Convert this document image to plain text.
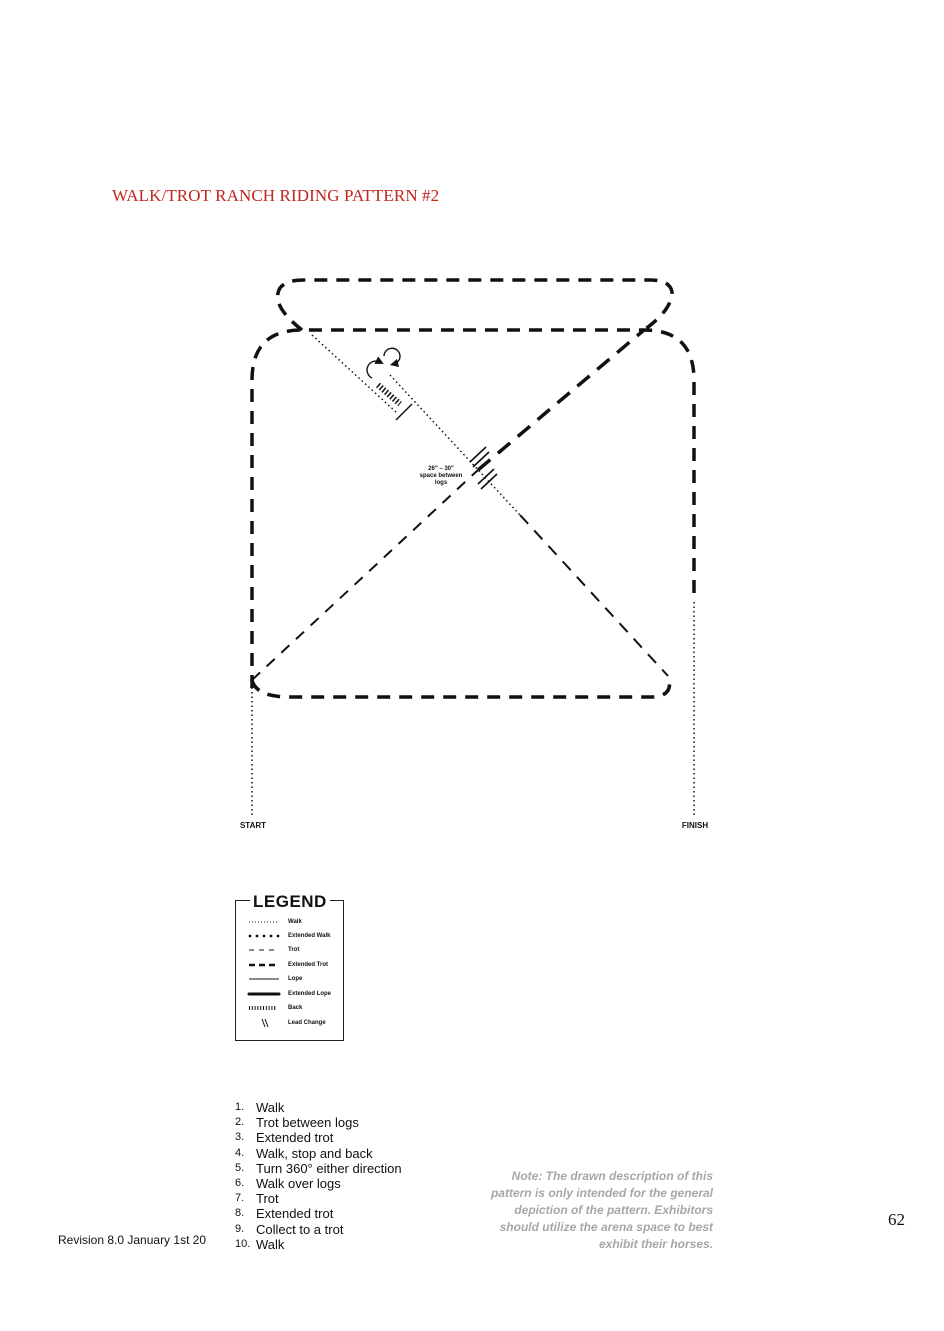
WALK/TROT RANCH RIDING PATTERN #2
26" – 30"
space between
logs
START	FINISH
LEGEND
Walk
Extended Walk
Trot
Extended Trot
Lope
Extended Lope
Back
Lead Change
1. Walk
2. Trot between logs
3. Extended trot
4. Walk, stop and back
5. Turn 360° either direction
6. Walk over logs
7. Trot
8. Extended trot
9. Collect to a trot
10. Walk
Note: The drawn description of this pattern is only intended for the general depiction of the pattern. Exhibitors should utilize the arena space to best exhibit their horses.
Revision 8.0 January 1st 20
62
